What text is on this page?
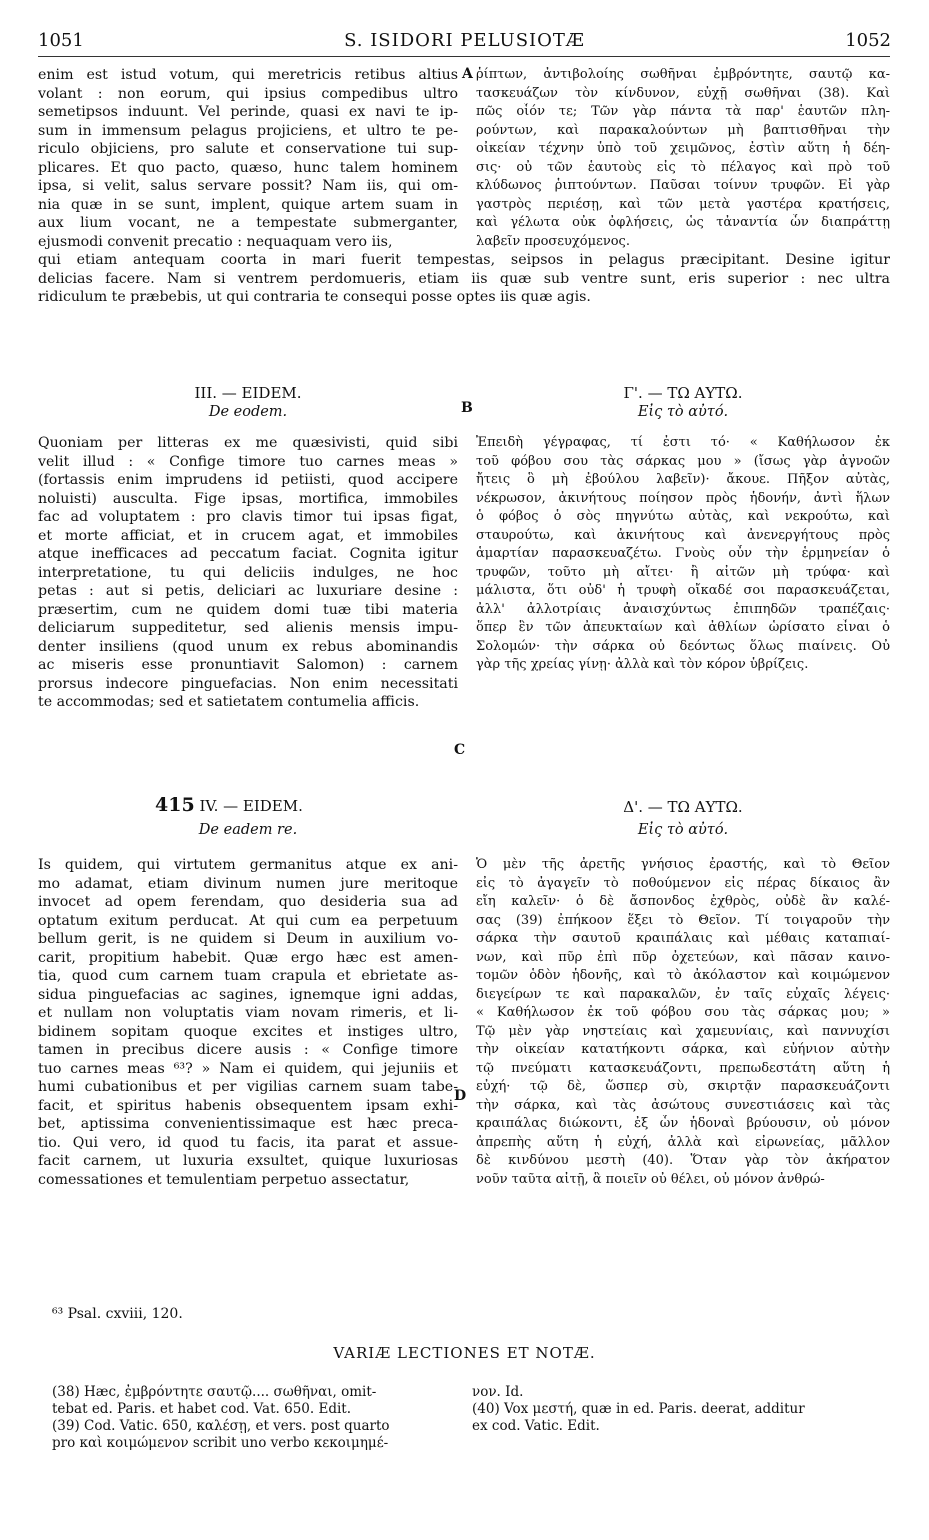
S. ISIDORI PELUSIOTÆ
1051	1052
enim est istud votum, qui meretricis retibus altius
volant : non eorum, qui ipsius compedibus ultro
semetipsos induunt. Vel perinde, quasi ex navi te ip-
sum in immensum pelagus projiciens, et ultro te pe-
riculo objiciens, pro salute et conservatione tui sup-
plicares. Et quo pacto, quæso, hunc talem hominem
ipsa, si velit, salus servare possit? Nam iis, qui om-
nia quæ in se sunt, implent, quique artem suam in
aux lium vocant, ne a tempestate submerganter,
ejusmodi convenit precatio : nequaquam vero iis,
ῥίπτων, ἀντιβολοίης σωθῆναι ἐμβρόντητε, σαυτῷ κα-
τασκευάζων τὸν κίνδυνον, εὐχῇ σωθῆναι (38). Καὶ
πῶς οἷόν τε; Τῶν γὰρ πάντα τὰ παρ' ἑαυτῶν πλη-
ρούντων, καὶ παρακαλούντων μὴ βαπτισθῆναι τὴν
οἰκείαν τέχνην ὑπὸ τοῦ χειμῶνος, ἐστὶν αὕτη ἡ δέη-
σις· οὐ τῶν ἑαυτοὺς εἰς τὸ πέλαγος καὶ πρὸ τοῦ
κλύδωνος ῥιπτούντων. Παῦσαι τοίνυν τρυφῶν. Εἰ γὰρ
γαστρὸς περιέσῃ, καὶ τῶν μετὰ γαστέρα κρατήσεις,
καὶ γέλωτα οὐκ ὀφλήσεις, ὡς τἀναντία ὧν διαπράττῃ
λαβεῖν προσευχόμενος.
A
qui etiam antequam coorta in mari fuerit tempestas, seipsos in pelagus præcipitant. Desine igitur
delicias facere. Nam si ventrem perdomueris, etiam iis quæ sub ventre sunt, eris superior : nec ultra
ridiculum te præbebis, ut qui contraria te consequi posse optes iis quæ agis.
III. — EIDEM.
De eodem.
Γ'. — ΤΩ ΑΥΤΩ.
Εἰς τὸ αὐτό.
B
Quoniam per litteras ex me quæsivisti, quid sibi
velit illud : « Confige timore tuo carnes meas »
(fortassis enim imprudens id petiisti, quod accipere
noluisti) ausculta. Fige ipsas, mortifica, immobiles
fac ad voluptatem : pro clavis timor tui ipsas figat,
et morte afficiat, et in crucem agat, et immobiles
atque inefficaces ad peccatum faciat. Cognita igitur
interpretatione, tu qui deliciis indulges, ne hoc
petas : aut si petis, deliciari ac luxuriare desine :
præsertim, cum ne quidem domi tuæ tibi materia
deliciarum suppeditetur, sed alienis mensis impu-
denter insiliens (quod unum ex rebus abominandis
ac miseris esse pronuntiavit Salomon) : carnem
prorsus indecore pinguefacias. Non enim necessitati
te accommodas; sed et satietatem contumelia afficis.
Ἐπειδὴ γέγραφας, τί ἐστι τό· « Καθήλωσον ἐκ
τοῦ φόβου σου τὰς σάρκας μου » (ἴσως γὰρ ἀγνοῶν
ἤτεις ὃ μὴ ἐβούλου λαβεῖν)· ἄκουε. Πῆξον αὐτὰς,
νέκρωσον, ἀκινήτους ποίησον πρὸς ἡδονήν, ἀντὶ ἥλων
ὁ φόβος ὁ σὸς πηγνύτω αὐτὰς, καὶ νεκρούτω, καὶ
σταυρούτω, καὶ ἀκινήτους καὶ ἀνενεργήτους πρὸς
ἁμαρτίαν παρασκευαζέτω. Γνοὺς οὖν τὴν ἑρμηνείαν ὁ
τρυφῶν, τοῦτο μὴ αἴτει· ἢ αἰτῶν μὴ τρύφα· καὶ
μάλιστα, ὅτι οὐδ' ἡ τρυφὴ οἴκαδέ σοι παρασκευάζεται,
ἀλλ' ἀλλοτρίαις ἀναισχύντως ἐπιπηδῶν τραπέζαις·
ὅπερ ἓν τῶν ἀπευκταίων καὶ ἀθλίων ὡρίσατο εἶναι ὁ
Σολομών· τὴν σάρκα οὐ δεόντως ὅλως πιαίνεις. Οὐ
γὰρ τῆς χρείας γίνῃ· ἀλλὰ καὶ τὸν κόρον ὑβρίζεις.
C
415 IV. — EIDEM.
De eadem re.
Δ'. — ΤΩ ΑΥΤΩ.
Εἰς τὸ αὐτό.
Is quidem, qui virtutem germanitus atque ex ani-
mo adamat, etiam divinum numen jure meritoque
invocet ad opem ferendam, quo desideria sua ad
optatum exitum perducat. At qui cum ea perpetuum
bellum gerit, is ne quidem si Deum in auxilium vo-
carit, propitium habebit. Quæ ergo hæc est amen-
tia, quod cum carnem tuam crapula et ebrietate as-
sidua pinguefacias ac sagines, ignemque igni addas,
et nullam non voluptatis viam novam rimeris, et li-
bidinem sopitam quoque excites et instiges ultro,
tamen in precibus dicere ausis : « Confige timore
tuo carnes meas ⁶³? » Nam ei quidem, qui jejuniis et
humi cubationibus et per vigilias carnem suam tabe-
facit, et spiritus habenis obsequentem ipsam exhi-
bet, aptissima convenientissimaque est hæc preca-
tio. Qui vero, id quod tu facis, ita parat et assue-
facit carnem, ut luxuria exsultet, quique luxuriosas
comessationes et temulentiam perpetuo assectatur,
Ὁ μὲν τῆς ἀρετῆς γνήσιος ἐραστής, καὶ τὸ Θεῖον
εἰς τὸ ἀγαγεῖν τὸ ποθούμενον εἰς πέρας δίκαιος ἂν
εἴη καλεῖν· ὁ δὲ ἄσπονδος ἐχθρὸς, οὐδὲ ἂν καλέ-
σας (39) ἐπήκοον ἕξει τὸ Θεῖον. Τί τοιγαροῦν τὴν
σάρκα τὴν σαυτοῦ κραιπάλαις καὶ μέθαις καταπιαί-
νων, καὶ πῦρ ἐπὶ πῦρ ὀχετεύων, καὶ πᾶσαν καινο-
τομῶν ὁδὸν ἡδονῆς, καὶ τὸ ἀκόλαστον καὶ κοιμώμενον
διεγείρων τε καὶ παρακαλῶν, ἐν ταῖς εὐχαῖς λέγεις·
« Καθήλωσον ἐκ τοῦ φόβου σου τὰς σάρκας μου; »
Τῷ μὲν γὰρ νηστείαις καὶ χαμευνίαις, καὶ παννυχίσι
τὴν οἰκείαν κατατήκοντι σάρκα, καὶ εὐήνιον αὐτὴν
τῷ πνεύματι κατασκευάζοντι, πρεπωδεστάτη αὕτη ἡ
εὐχή· τῷ δὲ, ὥσπερ σὺ, σκιρτᾷν παρασκευάζοντι
τὴν σάρκα, καὶ τὰς ἀσώτους συνεστιάσεις καὶ τὰς
κραιπάλας διώκοντι, ἐξ ὧν ἡδοναὶ βρύουσιν, οὐ μόνον
ἀπρεπὴς αὕτη ἡ εὐχή, ἀλλὰ καὶ εἰρωνείας, μᾶλλον
δὲ κινδύνου μεστὴ (40). Ὅταν γὰρ τὸν ἀκήρατον
νοῦν ταῦτα αἰτῇ, ἃ ποιεῖν οὐ θέλει, οὐ μόνον ἀνθρώ-
D
⁶³ Psal. cxviii, 120.
VARIÆ LECTIONES ET NOTÆ.
(38) Hæc, ἐμβρόντητε σαυτῷ.... σωθῆναι, omit-
tebat ed. Paris. et habet cod. Vat. 650. Edit.
(39) Cod. Vatic. 650, καλέσῃ, et vers. post quarto
pro καὶ κοιμώμενον scribit uno verbo κεκοιμημέ-
νον. Id.
(40) Vox μεστή, quæ in ed. Paris. deerat, additur
ex cod. Vatic. Edit.
